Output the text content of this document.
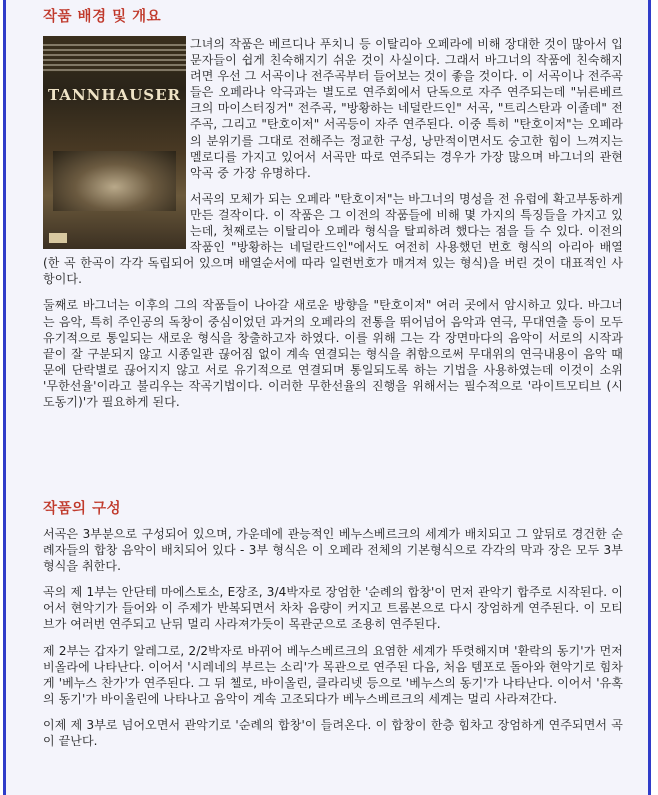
작품 배경 및 개요
TANNHAUSER

그녀의 작품은 베르디나 푸치니 등 이탈리아 오페라에 비해 장대한 것이 많아서 입문자들이 쉽게 친숙해지기 쉬운 것이 사실이다. 그래서 바그너의 작품에 친숙해지려면 우선 그 서곡이나 전주곡부터 들어보는 것이 좋을 것이다. 이 서곡이나 전주곡들은 오페라나 악극과는 별도로 연주회에서 단독으로 자주 연주되는데 "뉘른베르크의 마이스터징거" 전주곡, "방황하는 네덜란드인" 서곡, "트리스탄과 이졸데" 전주곡, 그리고 "탄호이저" 서곡등이 자주 연주된다. 이중 특히 "탄호이저"는 오페라의 분위기를 그대로 전해주는 정교한 구성, 낭만적이면서도 숭고한 힘이 느껴지는 멜로디를 가지고 있어서 서곡만 따로 연주되는 경우가 가장 많으며 바그너의 관현악곡 중 가장 유명하다.

서곡의 모체가 되는 오페라 "탄호이저"는 바그너의 명성을 전 유럽에 확고부동하게 만든 걸작이다. 이 작품은 그 이전의 작품들에 비해 몇 가지의 특징들을 가지고 있는데, 첫째로는 이탈리아 오페라 형식을 탈피하려 했다는 점을 들 수 있다. 이전의 작품인 "방황하는 네덜란드인"에서도 여전히 사용했던 번호 형식의 아리아 배열 (한 곡 한곡이 각각 독립되어 있으며 배열순서에 따라 일련번호가 매겨져 있는 형식)을 버린 것이 대표적인 사항이다.

둘째로 바그너는 이후의 그의 작품들이 나아갈 새로운 방향을 "탄호이저" 여러 곳에서 암시하고 있다. 바그너는 음악, 특히 주인공의 독창이 중심이었던 과거의 오페라의 전통을 뛰어넘어 음악과 연극, 무대연출 등이 모두 유기적으로 통일되는 새로운 형식을 창출하고자 하였다. 이를 위해 그는 각 장면마다의 음악이 서로의 시작과 끝이 잘 구분되지 않고 시종일관 끊어짐 없이 계속 연결되는 형식을 취함으로써 무대위의 연극내용이 음악 때문에 단락별로 끊어지지 않고 서로 유기적으로 연결되며 통일되도록 하는 기법을 사용하였는데 이것이 소위 '무한선율'이라고 불리우는 작곡기법이다. 이러한 무한선율의 진행을 위해서는 필수적으로 '라이트모티브 (시도동기)'가 필요하게 된다.

작품의 구성

서곡은 3부분으로 구성되어 있으며, 가운데에 관능적인 베누스베르크의 세계가 배치되고 그 앞뒤로 경건한 순례자들의 합창 음악이 배치되어 있다 - 3부 형식은 이 오페라 전체의 기본형식으로 각각의 막과 장은 모두 3부 형식을 취한다.

곡의 제 1부는 안단테 마에스토소, E장조, 3/4박자로 장엄한 '순례의 합창'이 먼저 관악기 합주로 시작된다. 이어서 현악기가 들어와 이 주제가 반복되면서 차차 음량이 커지고 트롬본으로 다시 장엄하게 연주된다. 이 모티브가 여러번 연주되고 난뒤 멀리 사라져가듯이 목관군으로 조용히 연주된다.

제 2부는 갑자기 알레그로, 2/2박자로 바뀌어 베누스베르크의 요염한 세계가 뚜렷해지며 '환락의 동기'가 먼저 비올라에 나타난다. 이어서 '시레네의 부르는 소리'가 목관으로 연주된 다음, 처음 템포로 돌아와 현악기로 힘차게 '베누스 찬가'가 연주된다. 그 뒤 첼로, 바이올린, 클라리넷 등으로 '베누스의 동기'가 나타난다. 이어서 '유혹의 동기'가 바이올린에 나타나고 음악이 계속 고조되다가 베누스베르크의 세계는 멀리 사라져간다.

이제 제 3부로 넘어오면서 관악기로 '순례의 합창'이 들려온다. 이 합창이 한층 힘차고 장엄하게 연주되면서 곡이 끝난다.
